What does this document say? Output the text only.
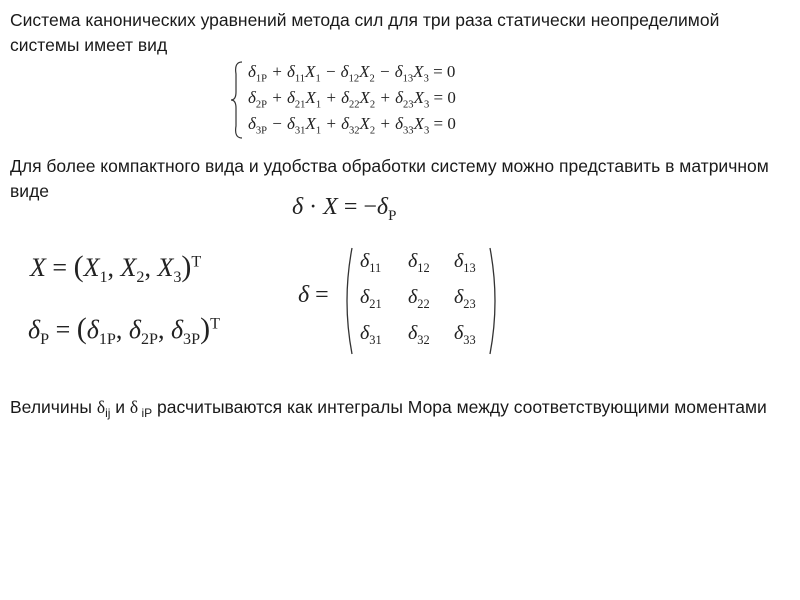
Система канонических уравнений метода сил для три раза статически неопределимой системы имеет вид

$\delta_{1P} + \delta_{11}X_1 - \delta_{12}X_2 - \delta_{13}X_3 = 0$
$\delta_{2P} + \delta_{21}X_1 + \delta_{22}X_2 + \delta_{23}X_3 = 0$
$\delta_{3P} - \delta_{31}X_1 + \delta_{32}X_2 + \delta_{33}X_3 = 0$

Для более компактного вида и удобства обработки систему можно представить в матричном виде

$\delta \cdot X = -\delta_P$
$X = (X_1$, $X_2$, $X_3)^T$
$\delta_P = (\delta_{1P}$, $\delta_{2P}$, $\delta_{3P})^T$
δ =
$\delta_{11}$ $\delta_{12}$ $\delta_{13}$
$\delta_{21}$ $\delta_{22}$ $\delta_{23}$
$\delta_{31}$ $\delta_{32}$ $\delta_{33}$

Величины $\delta_{ij}$ и δ $_{iP}$ расчитываются как интегралы Мора между соответствующими моментами
